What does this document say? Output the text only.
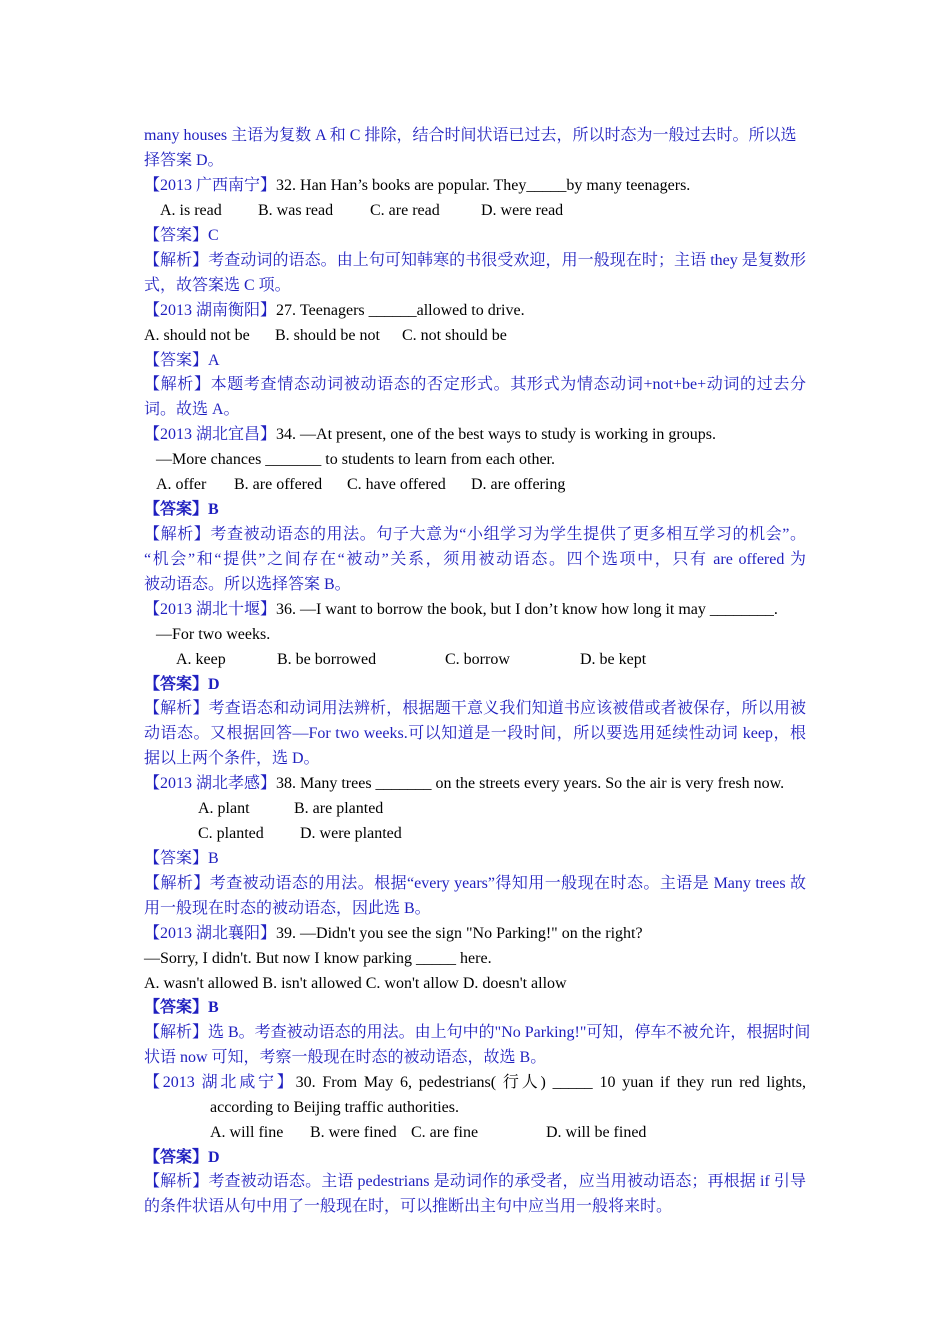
many houses 主语为复数 A 和 C 排除，结合时间状语已过去，所以时态为一般过去时。所以选
择答案 D。
【2013 广西南宁】32. Han Han’s books are popular. They_____by many teenagers.
A. is read B. was read C. are read	D. were read
【答案】C
【解析】考查动词的语态。由上句可知韩寒的书很受欢迎，用一般现在时；主语 they 是复数形
式，故答案选 C 项。
【2013 湖南衡阳】27. Teenagers ______allowed to drive.
A. should not be B. should be not C. not should be
【答案】A
【解析】本题考查情态动词被动语态的否定形式。其形式为情态动词+not+be+动词的过去分
词。故选 A。
【2013 湖北宜昌】34. —At present, one of the best ways to study is working in groups.
—More chances _______ to students to learn from each other.
A. offer B. are offered C. have offered D. are offering
【答案】B
【解析】考查被动语态的用法。句子大意为“小组学习为学生提供了更多相互学习的机会”。
“机会”和“提供”之间存在“被动”关系，须用被动语态。四个选项中，只有 are offered 为
被动语态。所以选择答案 B。
【2013 湖北十堰】36. —I want to borrow the book, but I don’t know how long it may ________.
—For two weeks.
A. keep	B. be borrowed	C. borrow	D. be kept
【答案】D
【解析】考查语态和动词用法辨析，根据题干意义我们知道书应该被借或者被保存，所以用被
动语态。又根据回答—For two weeks.可以知道是一段时间，所以要选用延续性动词 keep，根
据以上两个条件，选 D。
【2013 湖北孝感】38. Many trees _______ on the streets every years. So the air is very fresh now.
A. plant	B. are planted
C. planted D. were planted
【答案】B
【解析】考查被动语态的用法。根据“every years”得知用一般现在时态。主语是 Many trees 故
用一般现在时态的被动语态，因此选 B。
【2013 湖北襄阳】39. —Didn't you see the sign "No Parking!" on the right?
—Sorry, I didn't. But now I know parking _____ here.
A. wasn't allowed B. isn't allowed C. won't allow D. doesn't allow
【答案】B
【解析】选 B。考查被动语态的用法。由上句中的"No Parking!"可知，停车不被允许，根据时间
状语 now 可知，考察一般现在时态的被动语态，故选 B。
【2013 湖北咸宁】30. From May 6, pedestrians( 行人) _____ 10 yuan if they run red lights,
according to Beijing traffic authorities.
A. will fine B. were fined C. are fine	D. will be fined
【答案】D
【解析】考查被动语态。主语 pedestrians 是动词作的承受者，应当用被动语态；再根据 if 引导
的条件状语从句中用了一般现在时，可以推断出主句中应当用一般将来时。
